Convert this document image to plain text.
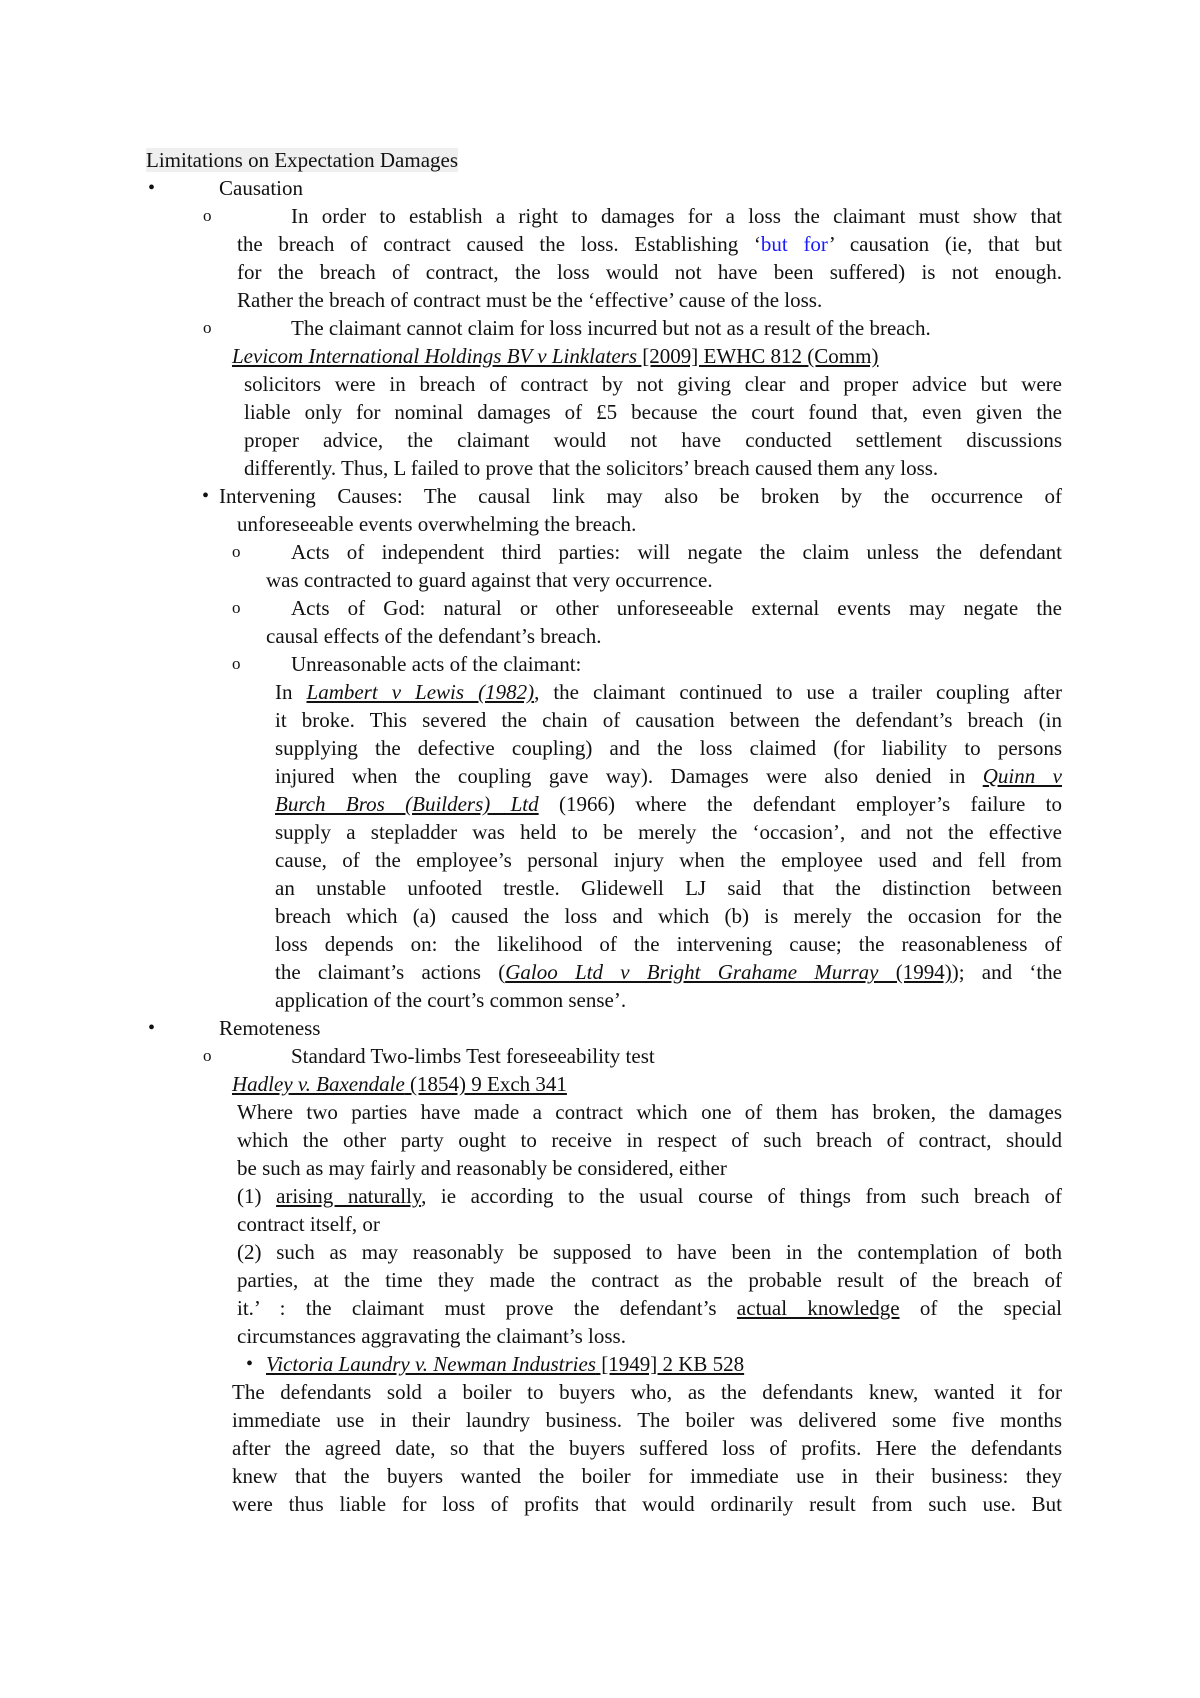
Limitations on Expectation Damages
•	Causation
o	In order to establish a right to damages for a loss the claimant must show that
the breach of contract caused the loss. Establishing ‘but for’ causation (ie, that but
for the breach of contract, the loss would not have been suffered) is not enough.
Rather the breach of contract must be the ‘effective’ cause of the loss.
o	The claimant cannot claim for loss incurred but not as a result of the breach.
Levicom International Holdings BV v Linklaters [2009] EWHC 812 (Comm)
solicitors were in breach of contract by not giving clear and proper advice but were
liable only for nominal damages of £5 because the court found that, even given the
proper advice, the claimant would not have conducted settlement discussions
differently. Thus, L failed to prove that the solicitors’ breach caused them any loss.
• Intervening Causes: The causal link may also be broken by the occurrence of
unforeseeable events overwhelming the breach.
o Acts of independent third parties: will negate the claim unless the defendant
was contracted to guard against that very occurrence.
o Acts of God: natural or other unforeseeable external events may negate the
causal effects of the defendant’s breach.
o Unreasonable acts of the claimant:
In Lambert v Lewis (1982), the claimant continued to use a trailer coupling after
it broke. This severed the chain of causation between the defendant’s breach (in
supplying the defective coupling) and the loss claimed (for liability to persons
injured when the coupling gave way). Damages were also denied in Quinn v
Burch Bros (Builders) Ltd (1966) where the defendant employer’s failure to
supply a stepladder was held to be merely the ‘occasion’, and not the effective
cause, of the employee’s personal injury when the employee used and fell from
an unstable unfooted trestle. Glidewell LJ said that the distinction between
breach which (a) caused the loss and which (b) is merely the occasion for the
loss depends on: the likelihood of the intervening cause; the reasonableness of
the claimant’s actions (Galoo Ltd v Bright Grahame Murray (1994)); and ‘the
application of the court’s common sense’.
•	Remoteness
o	Standard Two-limbs Test foreseeability test
Hadley v. Baxendale (1854) 9 Exch 341
Where two parties have made a contract which one of them has broken, the damages
which the other party ought to receive in respect of such breach of contract, should
be such as may fairly and reasonably be considered, either
(1) arising naturally, ie according to the usual course of things from such breach of
contract itself, or
(2) such as may reasonably be supposed to have been in the contemplation of both
parties, at the time they made the contract as the probable result of the breach of
it.’ : the claimant must prove the defendant’s actual knowledge of the special
circumstances aggravating the claimant’s loss.
• Victoria Laundry v. Newman Industries [1949] 2 KB 528
The defendants sold a boiler to buyers who, as the defendants knew, wanted it for
immediate use in their laundry business. The boiler was delivered some five months
after the agreed date, so that the buyers suffered loss of profits. Here the defendants
knew that the buyers wanted the boiler for immediate use in their business: they
were thus liable for loss of profits that would ordinarily result from such use. But
